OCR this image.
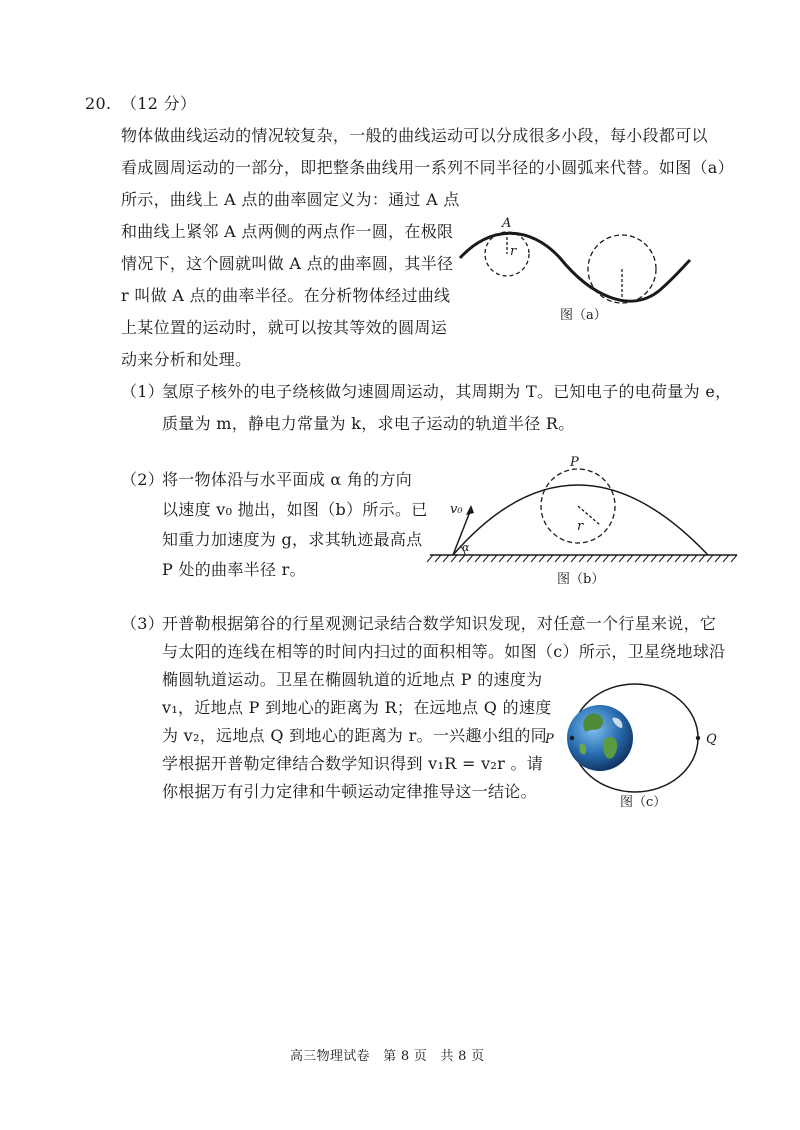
20. （12 分）
物体做曲线运动的情况较复杂，一般的曲线运动可以分成很多小段，每小段都可以
看成圆周运动的一部分，即把整条曲线用一系列不同半径的小圆弧来代替。如图（a）
所示，曲线上 A 点的曲率圆定义为：通过 A 点
和曲线上紧邻 A 点两侧的两点作一圆，在极限
情况下，这个圆就叫做 A 点的曲率圆，其半径
r 叫做 A 点的曲率半径。在分析物体经过曲线
上某位置的运动时，就可以按其等效的圆周运
动来分析和处理。
A
r
图（a）
（1）
氢原子核外的电子绕核做匀速圆周运动，其周期为 T。已知电子的电荷量为 e，
质量为 m，静电力常量为 k，求电子运动的轨道半径 R。
（2）
将一物体沿与水平面成 α 角的方向
以速度 v₀ 抛出，如图（b）所示。已
知重力加速度为 g，求其轨迹最高点
P 处的曲率半径 r。
v₀
α
P
r
图（b）
（3）
开普勒根据第谷的行星观测记录结合数学知识发现，对任意一个行星来说，它
与太阳的连线在相等的时间内扫过的面积相等。如图（c）所示，卫星绕地球沿
椭圆轨道运动。卫星在椭圆轨道的近地点 P 的速度为
v₁，近地点 P 到地心的距离为 R；在远地点 Q 的速度
为 v₂，远地点 Q 到地心的距离为 r。一兴趣小组的同
学根据开普勒定律结合数学知识得到 v₁R = v₂r 。请
你根据万有引力定律和牛顿运动定律推导这一结论。
P	Q
图（c）
高三物理试卷　第 8 页　共 8 页
